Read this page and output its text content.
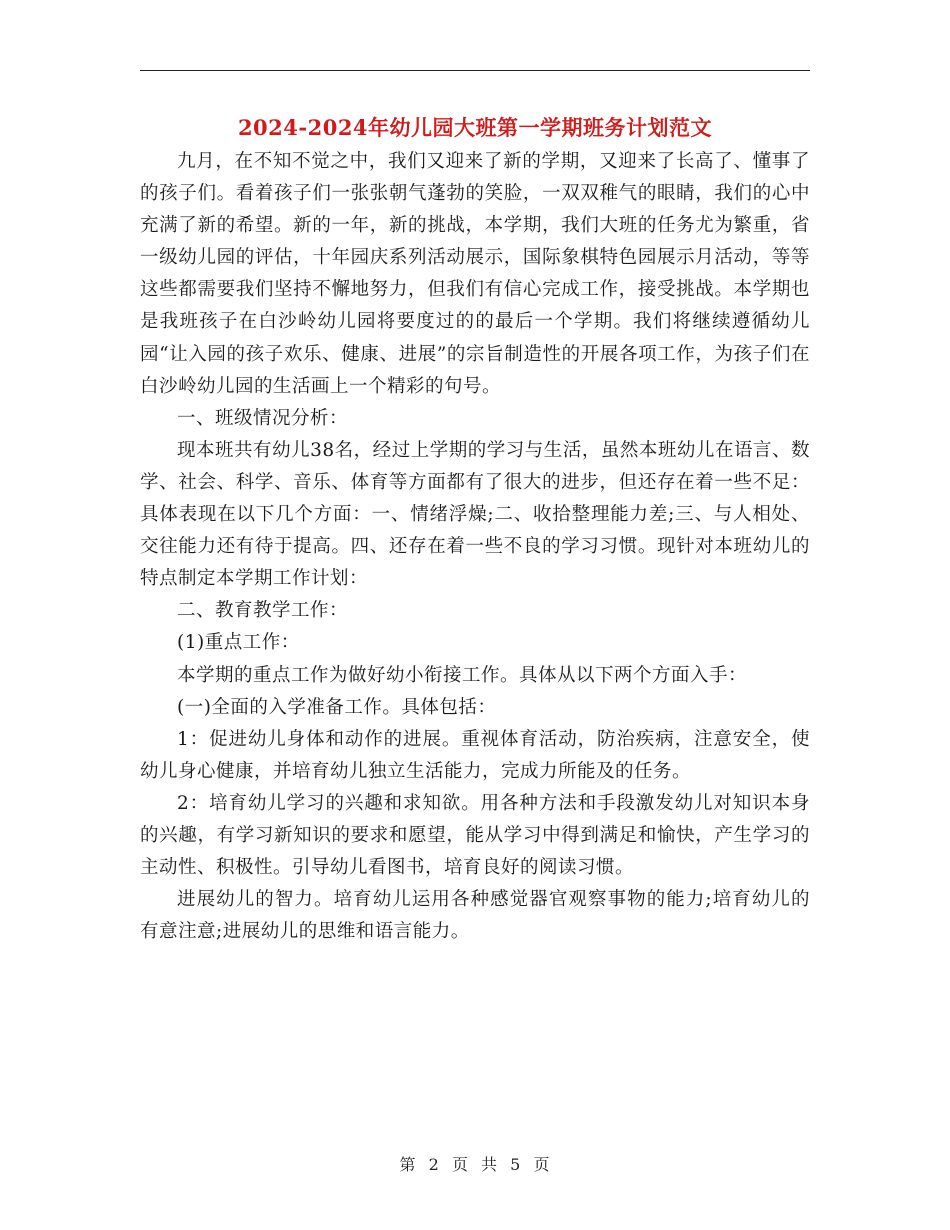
2024-2024年幼儿园大班第一学期班务计划范文

九月，在不知不觉之中，我们又迎来了新的学期，又迎来了长高了、懂事了的孩子们。看着孩子们一张张朝气蓬勃的笑脸，一双双稚气的眼睛，我们的心中充满了新的希望。新的一年，新的挑战，本学期，我们大班的任务尤为繁重，省一级幼儿园的评估，十年园庆系列活动展示，国际象棋特色园展示月活动，等等这些都需要我们坚持不懈地努力，但我们有信心完成工作，接受挑战。本学期也是我班孩子在白沙岭幼儿园将要度过的的最后一个学期。我们将继续遵循幼儿园“让入园的孩子欢乐、健康、进展”的宗旨制造性的开展各项工作，为孩子们在白沙岭幼儿园的生活画上一个精彩的句号。

一、班级情况分析：

现本班共有幼儿38名，经过上学期的学习与生活，虽然本班幼儿在语言、数学、社会、科学、音乐、体育等方面都有了很大的进步，但还存在着一些不足：具体表现在以下几个方面：一、情绪浮燥;二、收拾整理能力差;三、与人相处、交往能力还有待于提高。四、还存在着一些不良的学习习惯。现针对本班幼儿的特点制定本学期工作计划：

二、教育教学工作：

(1)重点工作：

本学期的重点工作为做好幼小衔接工作。具体从以下两个方面入手：

(一)全面的入学准备工作。具体包括：

1：促进幼儿身体和动作的进展。重视体育活动，防治疾病，注意安全，使幼儿身心健康，并培育幼儿独立生活能力，完成力所能及的任务。

2：培育幼儿学习的兴趣和求知欲。用各种方法和手段激发幼儿对知识本身的兴趣，有学习新知识的要求和愿望，能从学习中得到满足和愉快，产生学习的主动性、积极性。引导幼儿看图书，培育良好的阅读习惯。

进展幼儿的智力。培育幼儿运用各种感觉器官观察事物的能力;培育幼儿的有意注意;进展幼儿的思维和语言能力。

第 2 页 共 5 页
